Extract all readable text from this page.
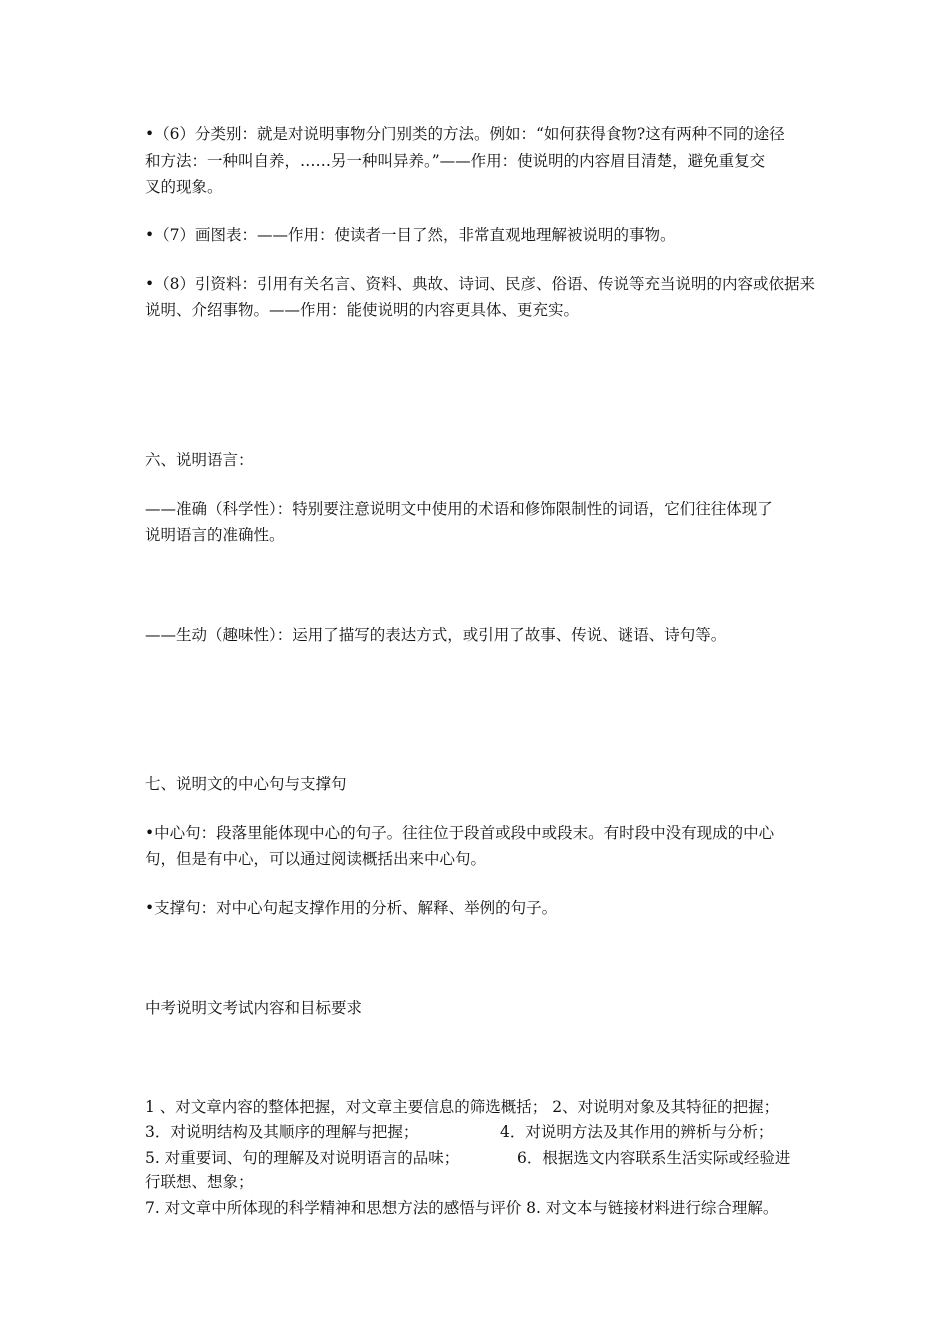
•（6）分类别：就是对说明事物分门别类的方法。例如：“如何获得食物?这有两种不同的途径
和方法：一种叫自养，……另一种叫异养。”——作用：使说明的内容眉目清楚，避免重复交
叉的现象。
•（7）画图表：——作用：使读者一目了然，非常直观地理解被说明的事物。
•（8）引资料：引用有关名言、资料、典故、诗词、民彦、俗语、传说等充当说明的内容或依据来
说明、介绍事物。——作用：能使说明的内容更具体、更充实。
六、说明语言：
——准确（科学性）：特别要注意说明文中使用的术语和修饰限制性的词语，它们往往体现了
说明语言的准确性。
——生动（趣味性）：运用了描写的表达方式，或引用了故事、传说、谜语、诗句等。
七、说明文的中心句与支撑句
•中心句：段落里能体现中心的句子。往往位于段首或段中或段末。有时段中没有现成的中心
句，但是有中心，可以通过阅读概括出来中心句。
•支撑句：对中心句起支撑作用的分析、解释、举例的句子。
中考说明文考试内容和目标要求
1 、对文章内容的整体把握，对文章主要信息的筛选概括； 2、对说明对象及其特征的把握；
3．对说明结构及其顺序的理解与把握；	4．对说明方法及其作用的辨析与分析；
5. 对重要词、句的理解及对说明语言的品味；	6．根据选文内容联系生活实际或经验进
行联想、想象；
7. 对文章中所体现的科学精神和思想方法的感悟与评价 8. 对文本与链接材料进行综合理解。
